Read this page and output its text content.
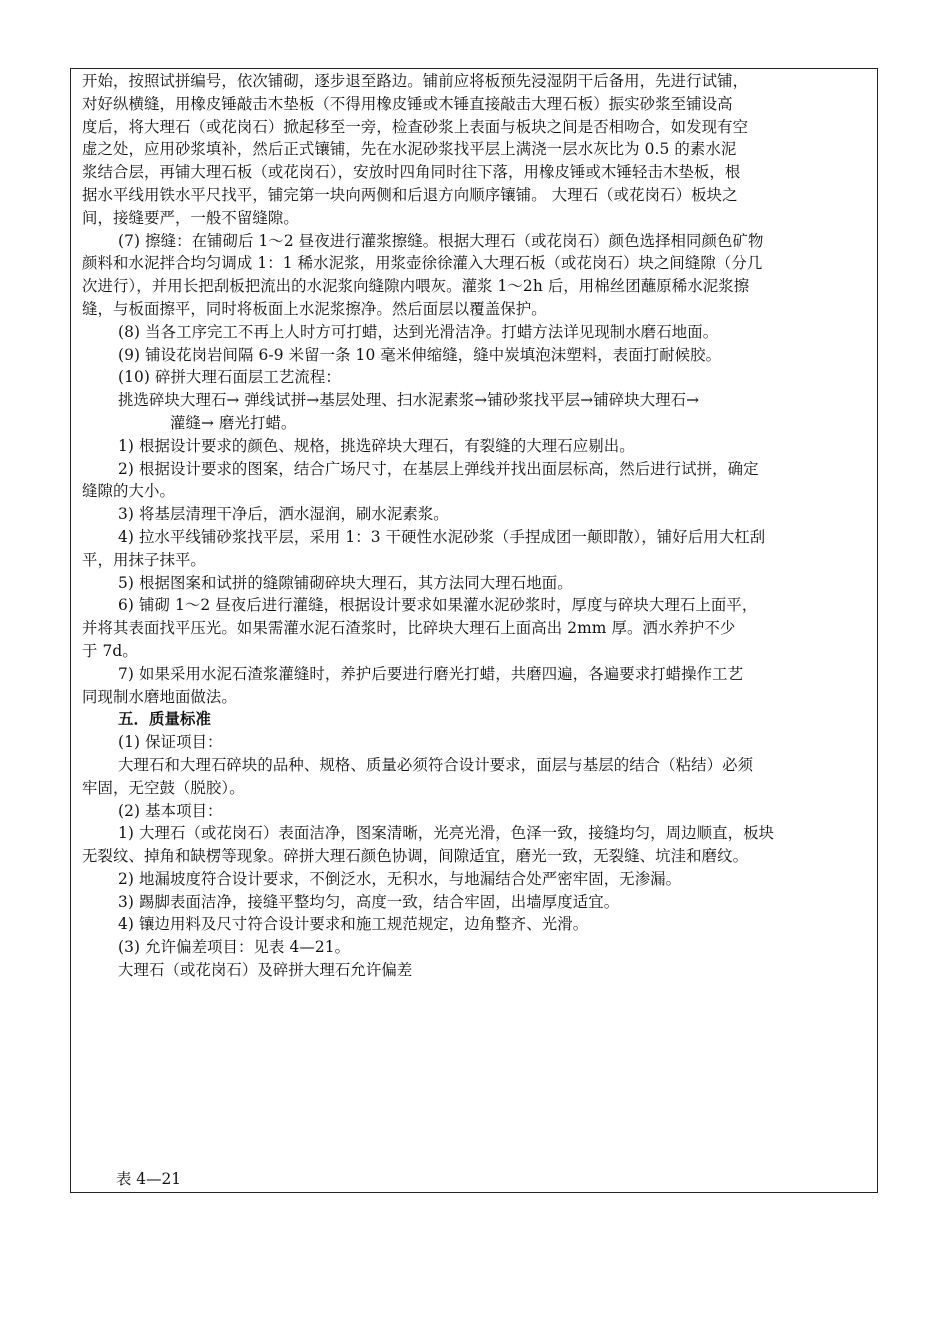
开始，按照试拼编号，依次铺砌，逐步退至路边。铺前应将板预先浸湿阴干后备用，先进行试铺，
对好纵横缝，用橡皮锤敲击木垫板（不得用橡皮锤或木锤直接敲击大理石板）振实砂浆至铺设高
度后，将大理石（或花岗石）掀起移至一旁，检查砂浆上表面与板块之间是否相吻合，如发现有空
虚之处，应用砂浆填补，然后正式镶铺，先在水泥砂浆找平层上满浇一层水灰比为 0.5 的素水泥
浆结合层，再铺大理石板（或花岗石），安放时四角同时往下落，用橡皮锤或木锤轻击木垫板，根
据水平线用铁水平尺找平，铺完第一块向两侧和后退方向顺序镶铺。 大理石（或花岗石）板块之
间，接缝要严，一般不留缝隙。
(7) 擦缝：在铺砌后 1～2 昼夜进行灌浆擦缝。根据大理石（或花岗石）颜色选择相同颜色矿物
颜料和水泥拌合均匀调成 1：1 稀水泥浆，用浆壶徐徐灌入大理石板（或花岗石）块之间缝隙（分几
次进行），并用长把刮板把流出的水泥浆向缝隙内喂灰。灌浆 1～2h 后，用棉丝团蘸原稀水泥浆擦
缝，与板面擦平，同时将板面上水泥浆擦净。然后面层以覆盖保护。
(8) 当各工序完工不再上人时方可打蜡，达到光滑洁净。打蜡方法详见现制水磨石地面。
(9) 铺设花岗岩间隔 6-9 米留一条 10 毫米伸缩缝，缝中炭填泡沫塑料，表面打耐候胶。
(10) 碎拼大理石面层工艺流程：
挑选碎块大理石→ 弹线试拼→基层处理、扫水泥素浆→铺砂浆找平层→铺碎块大理石→
灌缝→ 磨光打蜡。
1) 根据设计要求的颜色、规格，挑选碎块大理石，有裂缝的大理石应剔出。
2) 根据设计要求的图案，结合广场尺寸，在基层上弹线并找出面层标高，然后进行试拼，确定
缝隙的大小。
3) 将基层清理干净后，洒水湿润，刷水泥素浆。
4) 拉水平线铺砂浆找平层，采用 1：3 干硬性水泥砂浆（手捏成团一颠即散），铺好后用大杠刮
平，用抹子抹平。
5) 根据图案和试拼的缝隙铺砌碎块大理石，其方法同大理石地面。
6) 铺砌 1～2 昼夜后进行灌缝，根据设计要求如果灌水泥砂浆时，厚度与碎块大理石上面平，
并将其表面找平压光。如果需灌水泥石渣浆时，比碎块大理石上面高出 2mm 厚。洒水养护不少
于 7d。
7) 如果采用水泥石渣浆灌缝时，养护后要进行磨光打蜡，共磨四遍，各遍要求打蜡操作工艺
同现制水磨地面做法。
五．质量标准
(1) 保证项目：
大理石和大理石碎块的品种、规格、质量必须符合设计要求，面层与基层的结合（粘结）必须
牢固，无空鼓（脱胶）。
(2) 基本项目：
1) 大理石（或花岗石）表面洁净，图案清晰，光亮光滑，色泽一致，接缝均匀，周边顺直，板块
无裂纹、掉角和缺楞等现象。碎拼大理石颜色协调，间隙适宜，磨光一致，无裂缝、坑洼和磨纹。
2) 地漏坡度符合设计要求，不倒泛水，无积水，与地漏结合处严密牢固，无渗漏。
3) 踢脚表面洁净，接缝平整均匀，高度一致，结合牢固，出墙厚度适宜。
4) 镶边用料及尺寸符合设计要求和施工规范规定，边角整齐、光滑。
(3) 允许偏差项目：见表 4—21。
大理石（或花岗石）及碎拼大理石允许偏差
表 4—21
